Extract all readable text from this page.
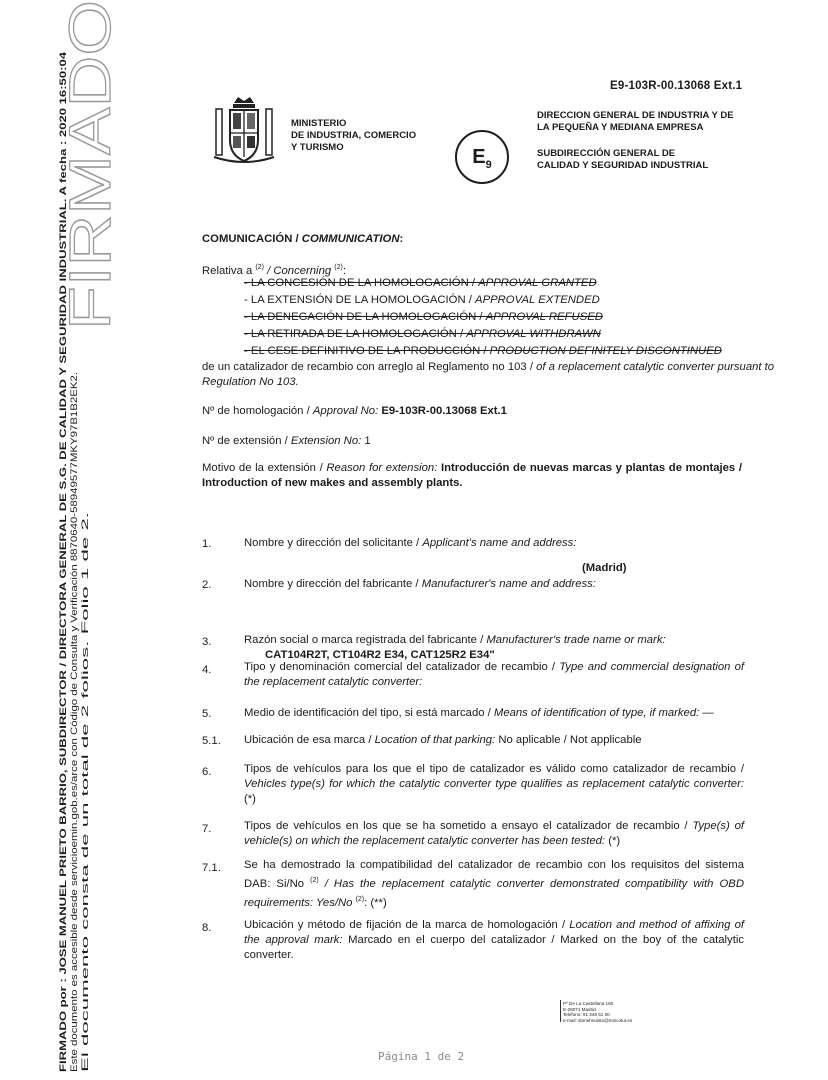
FIRMADO por : JOSE MANUEL PRIETO BARRIO, SUBDIRECTOR / DIRECTORA GENERAL DE S.G. DE CALIDAD Y SEGURIDAD INDUSTRIAL. A fecha : 2020 16:50:04 Este documento es accesible desde servicioemin.gob.es/arce con Código de Consulta y Verificación 8870640-58949577MKY97B1B2EK2. El documento consta de un total de 2 folios. Folio 1 de 2.
FIRMADO	E9-103R-00.13068 Ext.1
MINISTERIO
DE INDUSTRIA, COMERCIO
Y TURISMO	$E_9$
DIRECCION GENERAL DE INDUSTRIA Y DE
LA PEQUEÑA Y MEDIANA EMPRESA
SUBDIRECCIÓN GENERAL DE
CALIDAD Y SEGURIDAD INDUSTRIAL
COMUNICACIÓN / COMMUNICATION:
Relativa a $^{(2)}$ / Concerning $^{(2)}$:
- LA CONCESIÓN DE LA HOMOLOGACIÓN / APPROVAL GRANTED
- LA EXTENSIÓN DE LA HOMOLOGACIÓN / APPROVAL EXTENDED
- LA DENEGACIÓN DE LA HOMOLOGACIÓN / APPROVAL REFUSED
- LA RETIRADA DE LA HOMOLOGACIÓN / APPROVAL WITHDRAWN
- EL CESE DEFINITIVO DE LA PRODUCCIÓN / PRODUCTION DEFINITELY DISCONTINUED
de un catalizador de recambio con arreglo al Reglamento no 103 / of a replacement catalytic converter pursuant to Regulation No 103.
Nº de homologación / Approval No: E9-103R-00.13068 Ext.1
Nº de extensión / Extension No: 1
Motivo de la extensión / Reason for extension: Introducción de nuevas marcas y plantas de montajes / Introduction of new makes and assembly plants.
1.	Nombre y dirección del solicitante / Applicant's name and address:
(Madrid)
2.	Nombre y dirección del fabricante / Manufacturer's name and address:
3.	Razón social o marca registrada del fabricante / Manufacturer's trade name or mark:
CAT104R2T, CT104R2 E34, CAT125R2 E34"
4.	Tipo y denominación comercial del catalizador de recambio / Type and commercial designation of the replacement catalytic converter:
5.	Medio de identificación del tipo, si está marcado / Means of identification of type, if marked: —
5.1. Ubicación de esa marca / Location of that parking: No aplicable / Not applicable
6.	Tipos de vehículos para los que el tipo de catalizador es válido como catalizador de recambio / Vehicles type(s) for which the catalytic converter type qualifies as replacement catalytic converter: (*)
7.	Tipos de vehículos en los que se ha sometido a ensayo el catalizador de recambio / Type(s) of vehicle(s) on which the replacement catalytic converter has been tested: (*)
7.1. Se ha demostrado la compatibilidad del catalizador de recambio con los requisitos del sistema DAB: Si/No $^{(2)}$ / Has the replacement catalytic converter demonstrated compatibility with OBD requirements: Yes/No $^{(2)}$: (**)
8.	Ubicación y método de fijación de la marca de homologación / Location and method of affixing of the approval mark: Marcado en el cuerpo del catalizador / Marked on the boy of the catalytic converter.
Pº De La Castellana 160
E-28071 Madrid
Teléfono: 91 349 51 00
e-mail: sbmehnuisto@mincotur.es
Página 1 de 2
